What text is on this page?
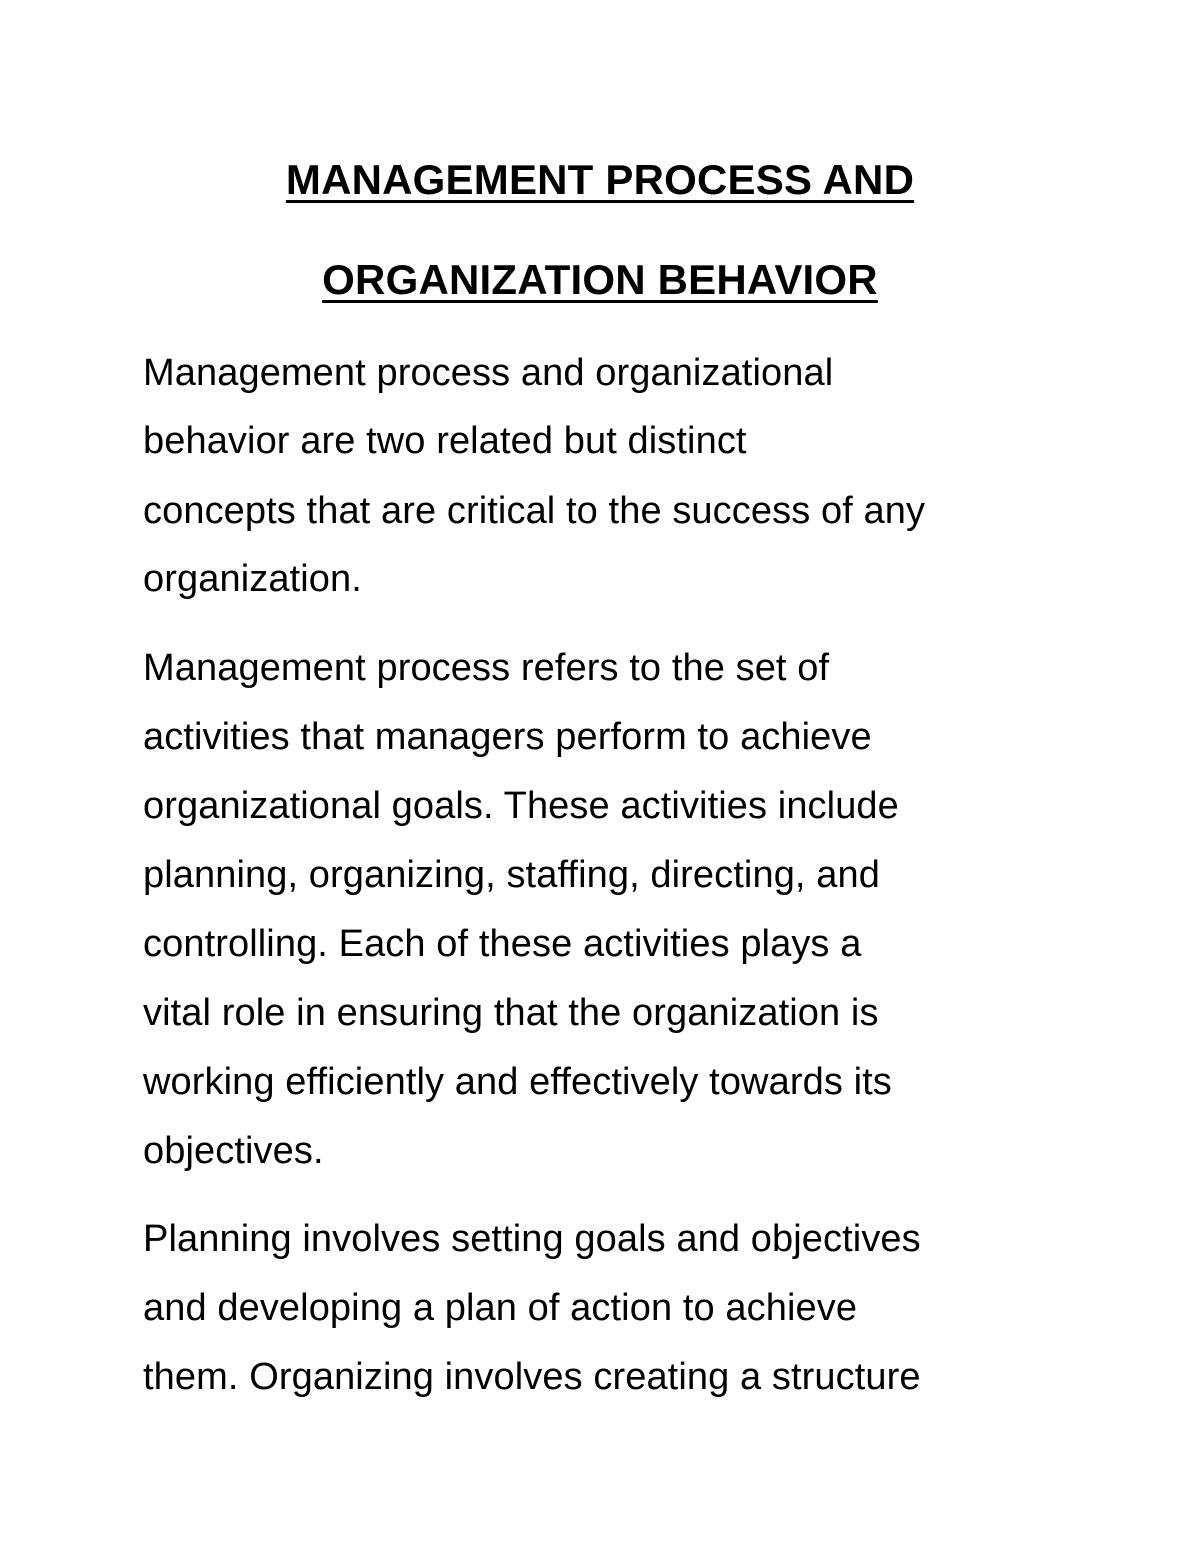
MANAGEMENT PROCESS AND
ORGANIZATION BEHAVIOR
Management process and organizational
behavior are two related but distinct
concepts that are critical to the success of any
organization.
Management process refers to the set of
activities that managers perform to achieve
organizational goals. These activities include
planning, organizing, staffing, directing, and
controlling. Each of these activities plays a
vital role in ensuring that the organization is
working efficiently and effectively towards its
objectives.
Planning involves setting goals and objectives
and developing a plan of action to achieve
them. Organizing involves creating a structure
